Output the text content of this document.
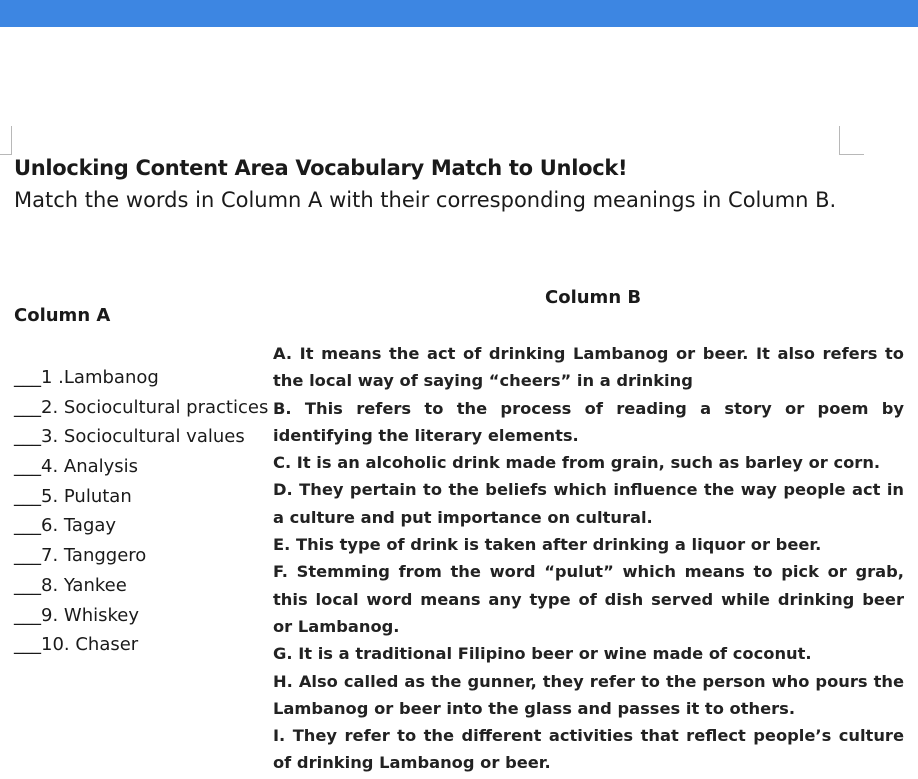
Unlocking Content Area Vocabulary Match to Unlock!
Match the words in Column A with their corresponding meanings in Column B.
Column A
Column B
___1 .Lambanog
___2. Sociocultural practices
___3. Sociocultural values
___4. Analysis
___5. Pulutan
___6. Tagay
___7. Tanggero
___8. Yankee
___9. Whiskey
___10. Chaser

A. It means the act of drinking Lambanog or beer. It also refers to the local way of saying “cheers” in a drinking

B. This refers to the process of reading a story or poem by identifying the literary elements.

C. It is an alcoholic drink made from grain, such as barley or corn.

D. They pertain to the beliefs which influence the way people act in a culture and put importance on cultural.

E. This type of drink is taken after drinking a liquor or beer.

F. Stemming from the word “pulut” which means to pick or grab, this local word means any type of dish served while drinking beer or Lambanog.

G. It is a traditional Filipino beer or wine made of coconut.

H. Also called as the gunner, they refer to the person who pours the Lambanog or beer into the glass and passes it to others.

I. They refer to the different activities that reflect people’s culture of drinking Lambanog or beer.
